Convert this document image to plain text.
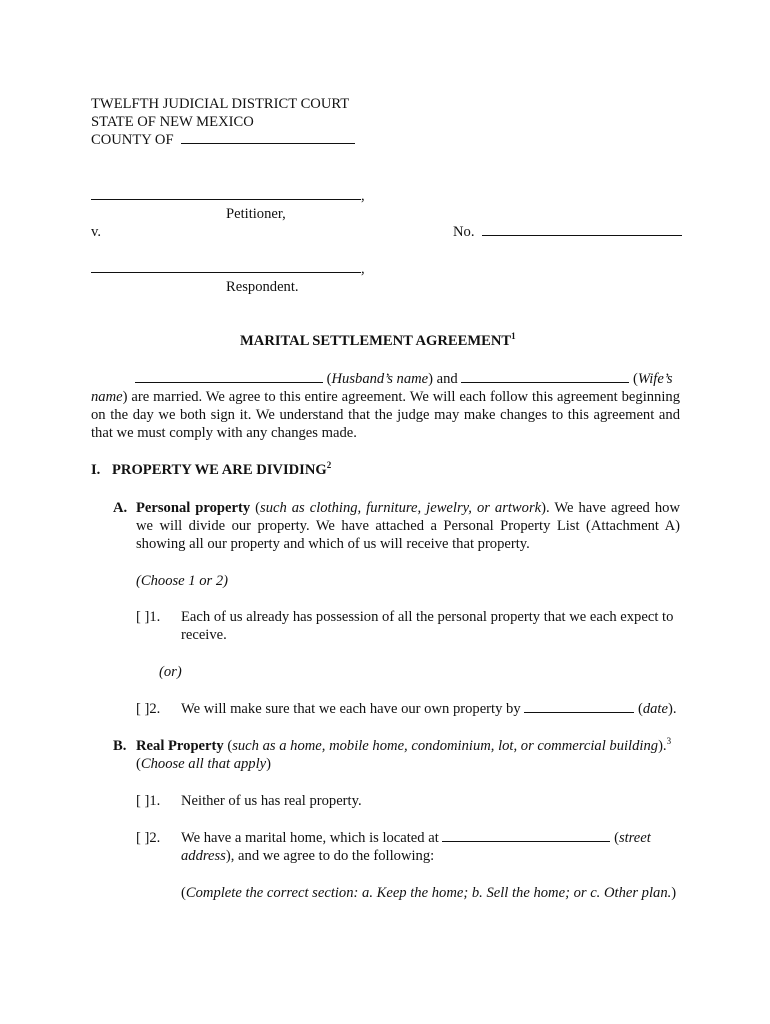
TWELFTH JUDICIAL DISTRICT COURT
STATE OF NEW MEXICO
COUNTY OF
,
Petitioner,
v.	No.
,
Respondent.
MARITAL SETTLEMENT AGREEMENT$^1$
(Husband’s name) and	(Wife’s
name) are married. We agree to this entire agreement. We will each follow this agreement beginning on the day we both sign it. We understand that the judge may make changes to this agreement and that we must comply with any changes made.
I. PROPERTY WE ARE DIVIDING$^2$
A. Personal property (such as clothing, furniture, jewelry, or artwork). We have agreed how we will divide our property. We have attached a Personal Property List (Attachment A) showing all our property and which of us will receive that property.
(Choose 1 or 2)
[ ]1. Each of us already has possession of all the personal property that we each expect to receive.
(or)
[ ]2. We will make sure that we each have our own property by	(date).
B. Real Property (such as a home, mobile home, condominium, lot, or commercial building).$^3$
(Choose all that apply)
[ ]1. Neither of us has real property.
[ ]2. We have a marital home, which is located at	(street
address), and we agree to do the following:
(Complete the correct section: a. Keep the home; b. Sell the home; or c. Other plan.)
